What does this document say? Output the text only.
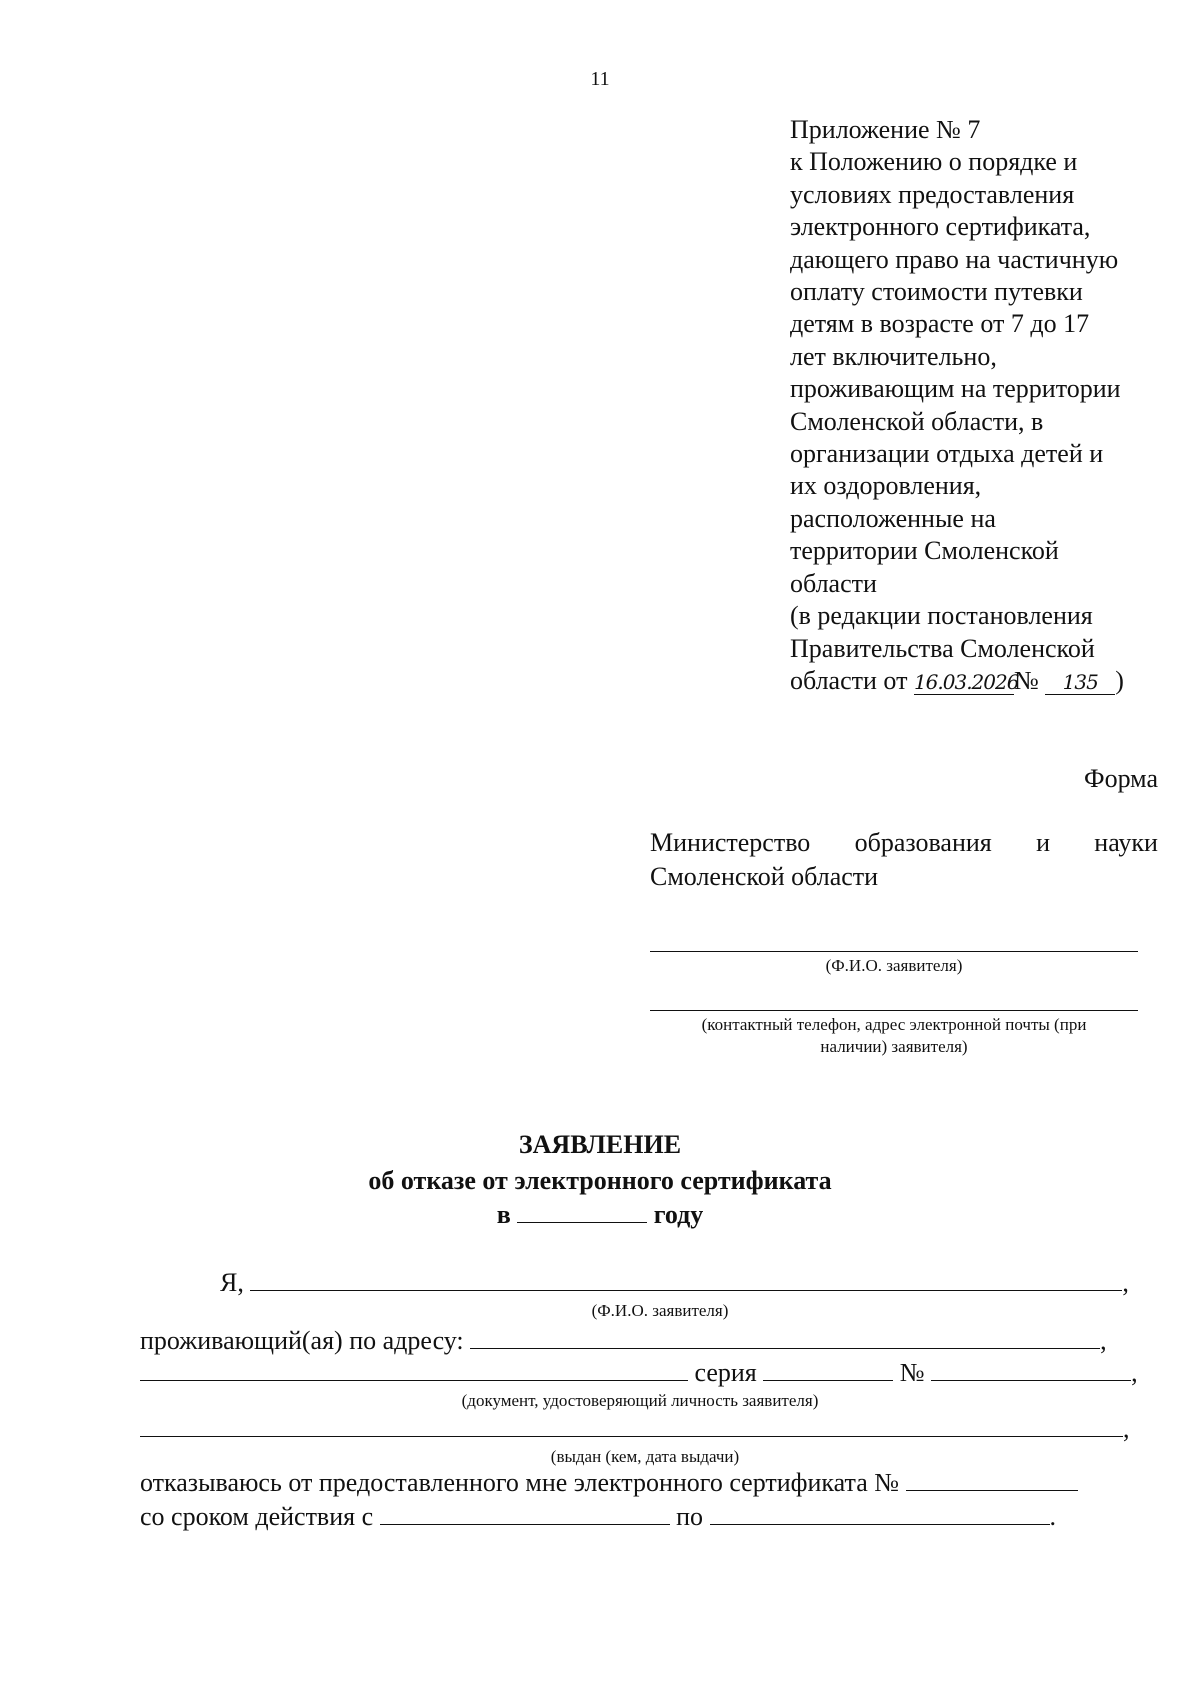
11
Приложение № 7
к Положению о порядке и
условиях предоставления
электронного сертификата,
дающего право на частичную
оплату стоимости путевки
детям в возрасте от 7 до 17
лет включительно,
проживающим на территории
Смоленской области, в
организации отдыха детей и
их оздоровления,
расположенные на
территории Смоленской
области
(в редакции постановления
Правительства Смоленской
области от 16.03.2026№ 135 )
Форма
Министерство образования и науки
Смоленской области
(Ф.И.О. заявителя)
(контактный телефон, адрес электронной почты (при
наличии) заявителя)
ЗАЯВЛЕНИЕ
об отказе от электронного сертификата
в	году
Я,	,
(Ф.И.О. заявителя)
проживающий(ая) по адресу:	,
серия	№	,
(документ, удостоверяющий личность заявителя)
,
(выдан (кем, дата выдачи)
отказываюсь от предоставленного мне электронного сертификата №
со сроком действия с	по	.
